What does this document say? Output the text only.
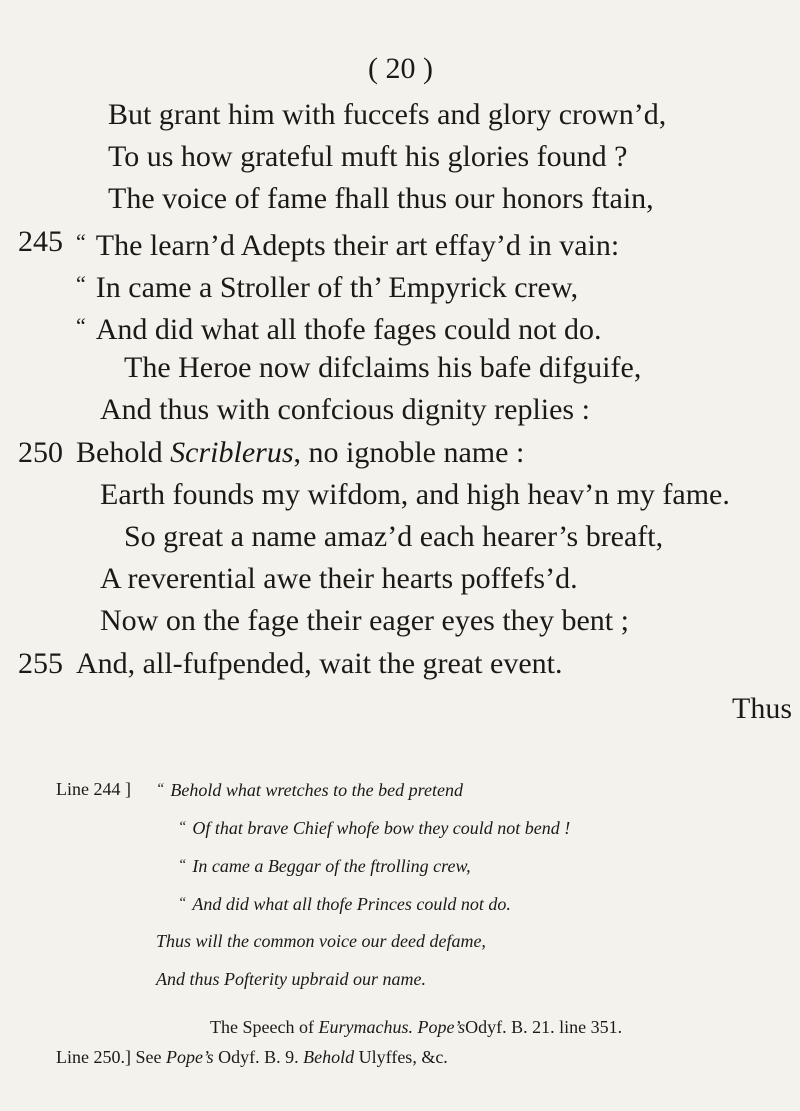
( 20 )
But grant him with fuccefs and glory crown’d,
To us how grateful muft his glories found ?
The voice of fame fhall thus our honors ftain,
245 “ The learn’d Adepts their art effay’d in vain:
“ In came a Stroller of th’ Empyrick crew,
“ And did what all thofe fages could not do.
The Heroe now difclaims his bafe difguife,
And thus with confcious dignity replies :
250 Behold Scriblerus, no ignoble name :
Earth founds my wifdom, and high heav’n my fame.
So great a name amaz’d each hearer’s breaft,
A reverential awe their hearts poffefs’d.
Now on the fage their eager eyes they bent ;
255 And, all-fufpended, wait the great event.
Thus
Line 244 ] “ Behold what wretches to the bed pretend
“ Of that brave Chief whofe bow they could not bend !
“ In came a Beggar of the ftrolling crew,
“ And did what all thofe Princes could not do.
Thus will the common voice our deed defame,
And thus Pofterity upbraid our name.
The Speech of Eurymachus. Pope’sOdyf. B. 21. line 351.
Line 250.] See Pope’s Odyf. B. 9. Behold Ulyffes, &c.
